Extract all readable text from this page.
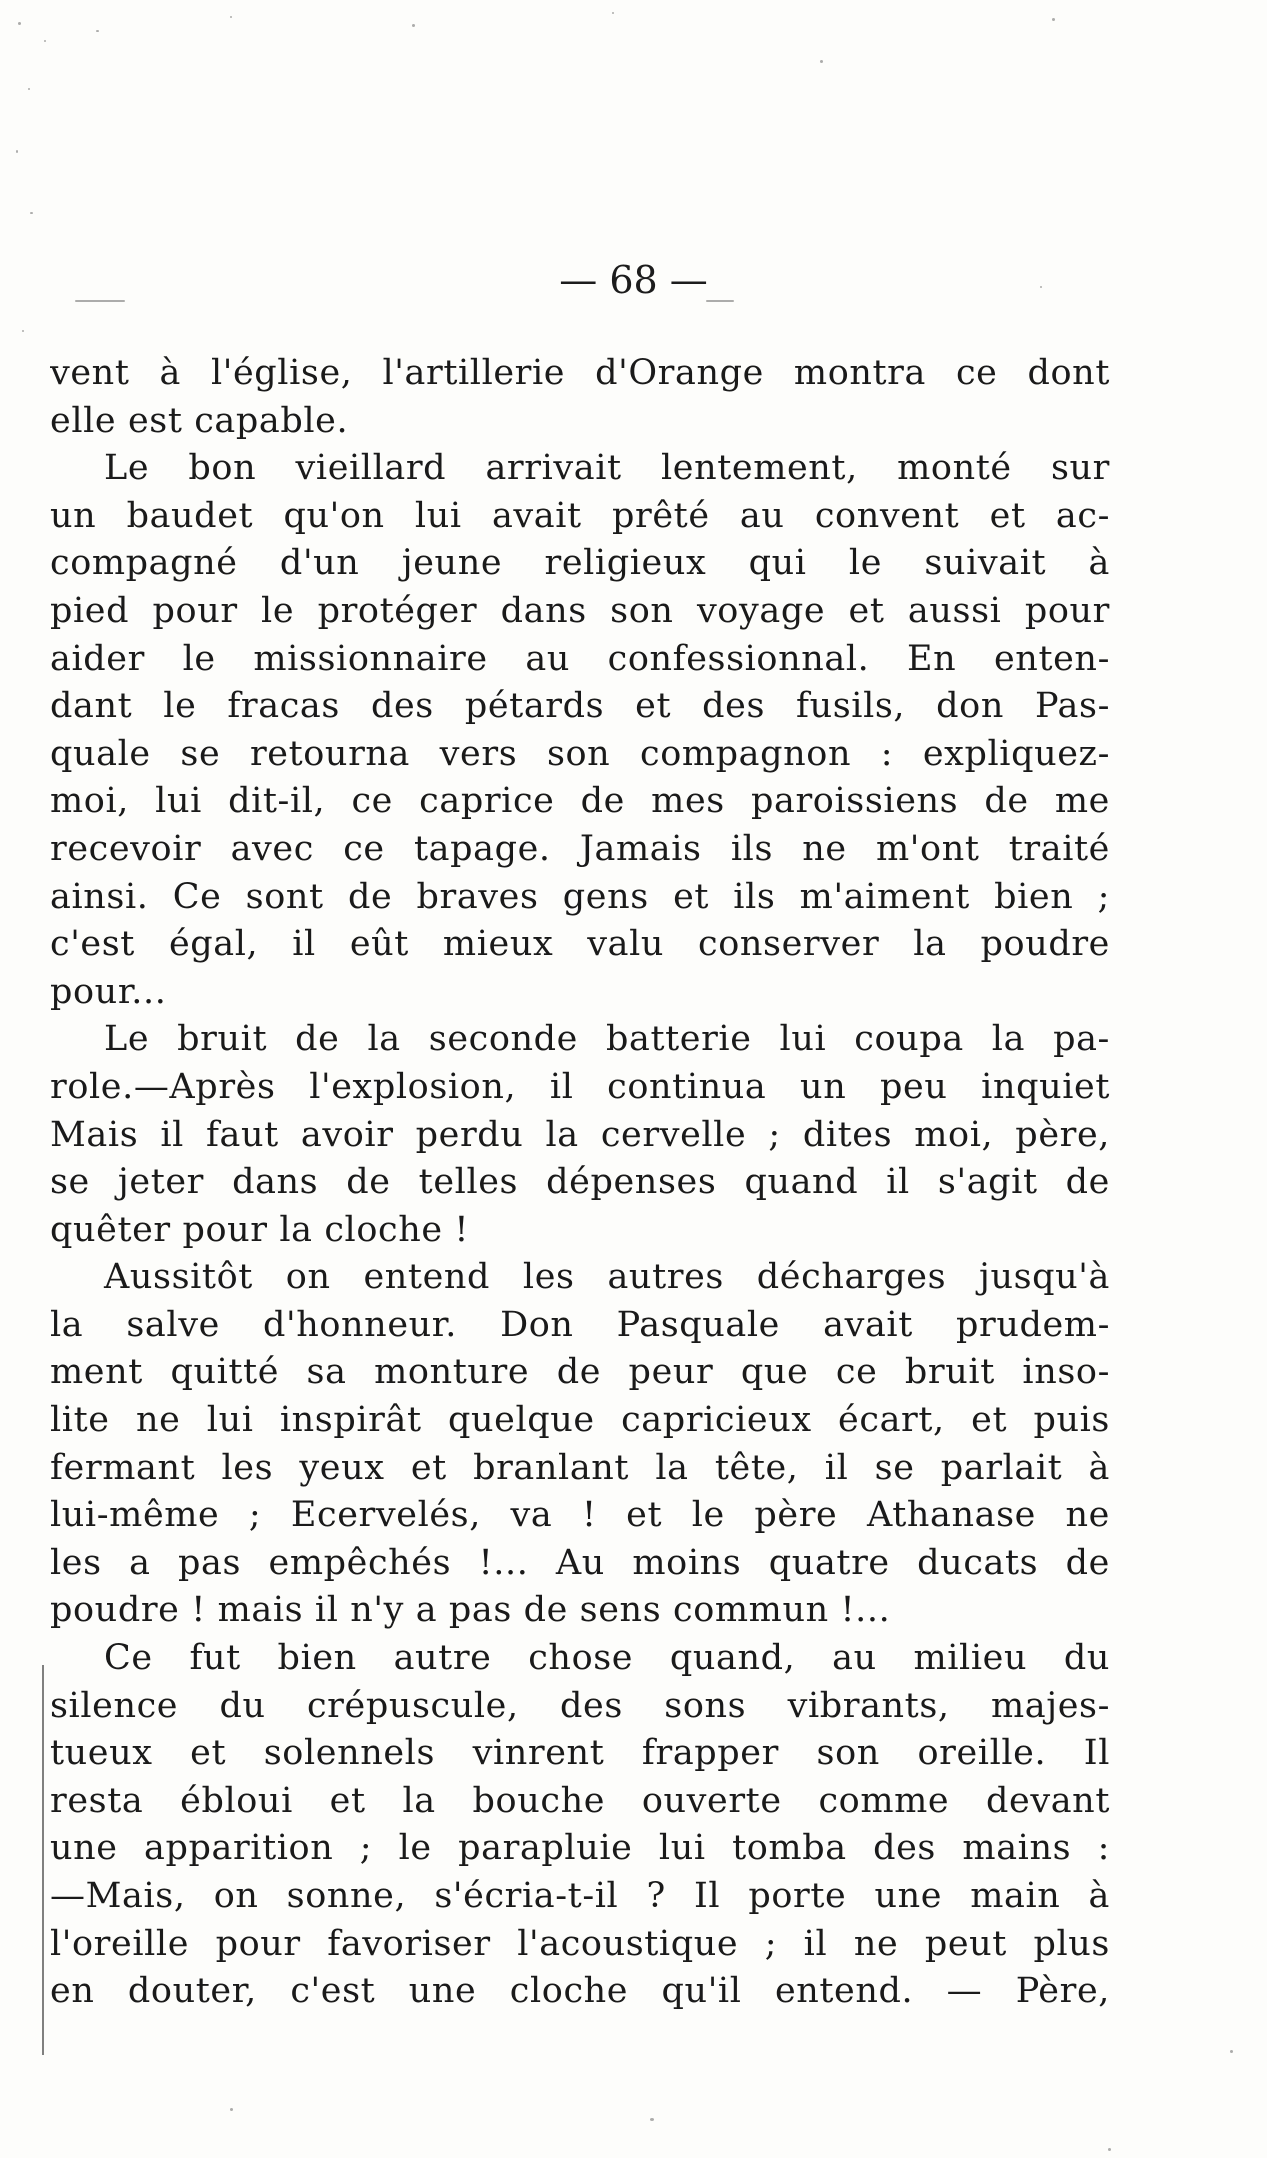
— 68 —
vent à l'église, l'artillerie d'Orange montra ce dont
elle est capable.
Le bon vieillard arrivait lentement, monté sur
un baudet qu'on lui avait prêté au convent et ac-
compagné d'un jeune religieux qui le suivait à
pied pour le protéger dans son voyage et aussi pour
aider le missionnaire au confessionnal. En enten-
dant le fracas des pétards et des fusils, don Pas-
quale se retourna vers son compagnon : expliquez-
moi, lui dit-il, ce caprice de mes paroissiens de me
recevoir avec ce tapage. Jamais ils ne m'ont traité
ainsi. Ce sont de braves gens et ils m'aiment bien ;
c'est égal, il eût mieux valu conserver la poudre
pour...
Le bruit de la seconde batterie lui coupa la pa-
role.—Après l'explosion, il continua un peu inquiet
Mais il faut avoir perdu la cervelle ; dites moi, père,
se jeter dans de telles dépenses quand il s'agit de
quêter pour la cloche !
Aussitôt on entend les autres décharges jusqu'à
la salve d'honneur. Don Pasquale avait prudem-
ment quitté sa monture de peur que ce bruit inso-
lite ne lui inspirât quelque capricieux écart, et puis
fermant les yeux et branlant la tête, il se parlait à
lui-même ; Ecervelés, va ! et le père Athanase ne
les a pas empêchés !... Au moins quatre ducats de
poudre ! mais il n'y a pas de sens commun !...
Ce fut bien autre chose quand, au milieu du
silence du crépuscule, des sons vibrants, majes-
tueux et solennels vinrent frapper son oreille. Il
resta ébloui et la bouche ouverte comme devant
une apparition ; le parapluie lui tomba des mains :
—Mais, on sonne, s'écria-t-il ? Il porte une main à
l'oreille pour favoriser l'acoustique ; il ne peut plus
en douter, c'est une cloche qu'il entend. — Père,
